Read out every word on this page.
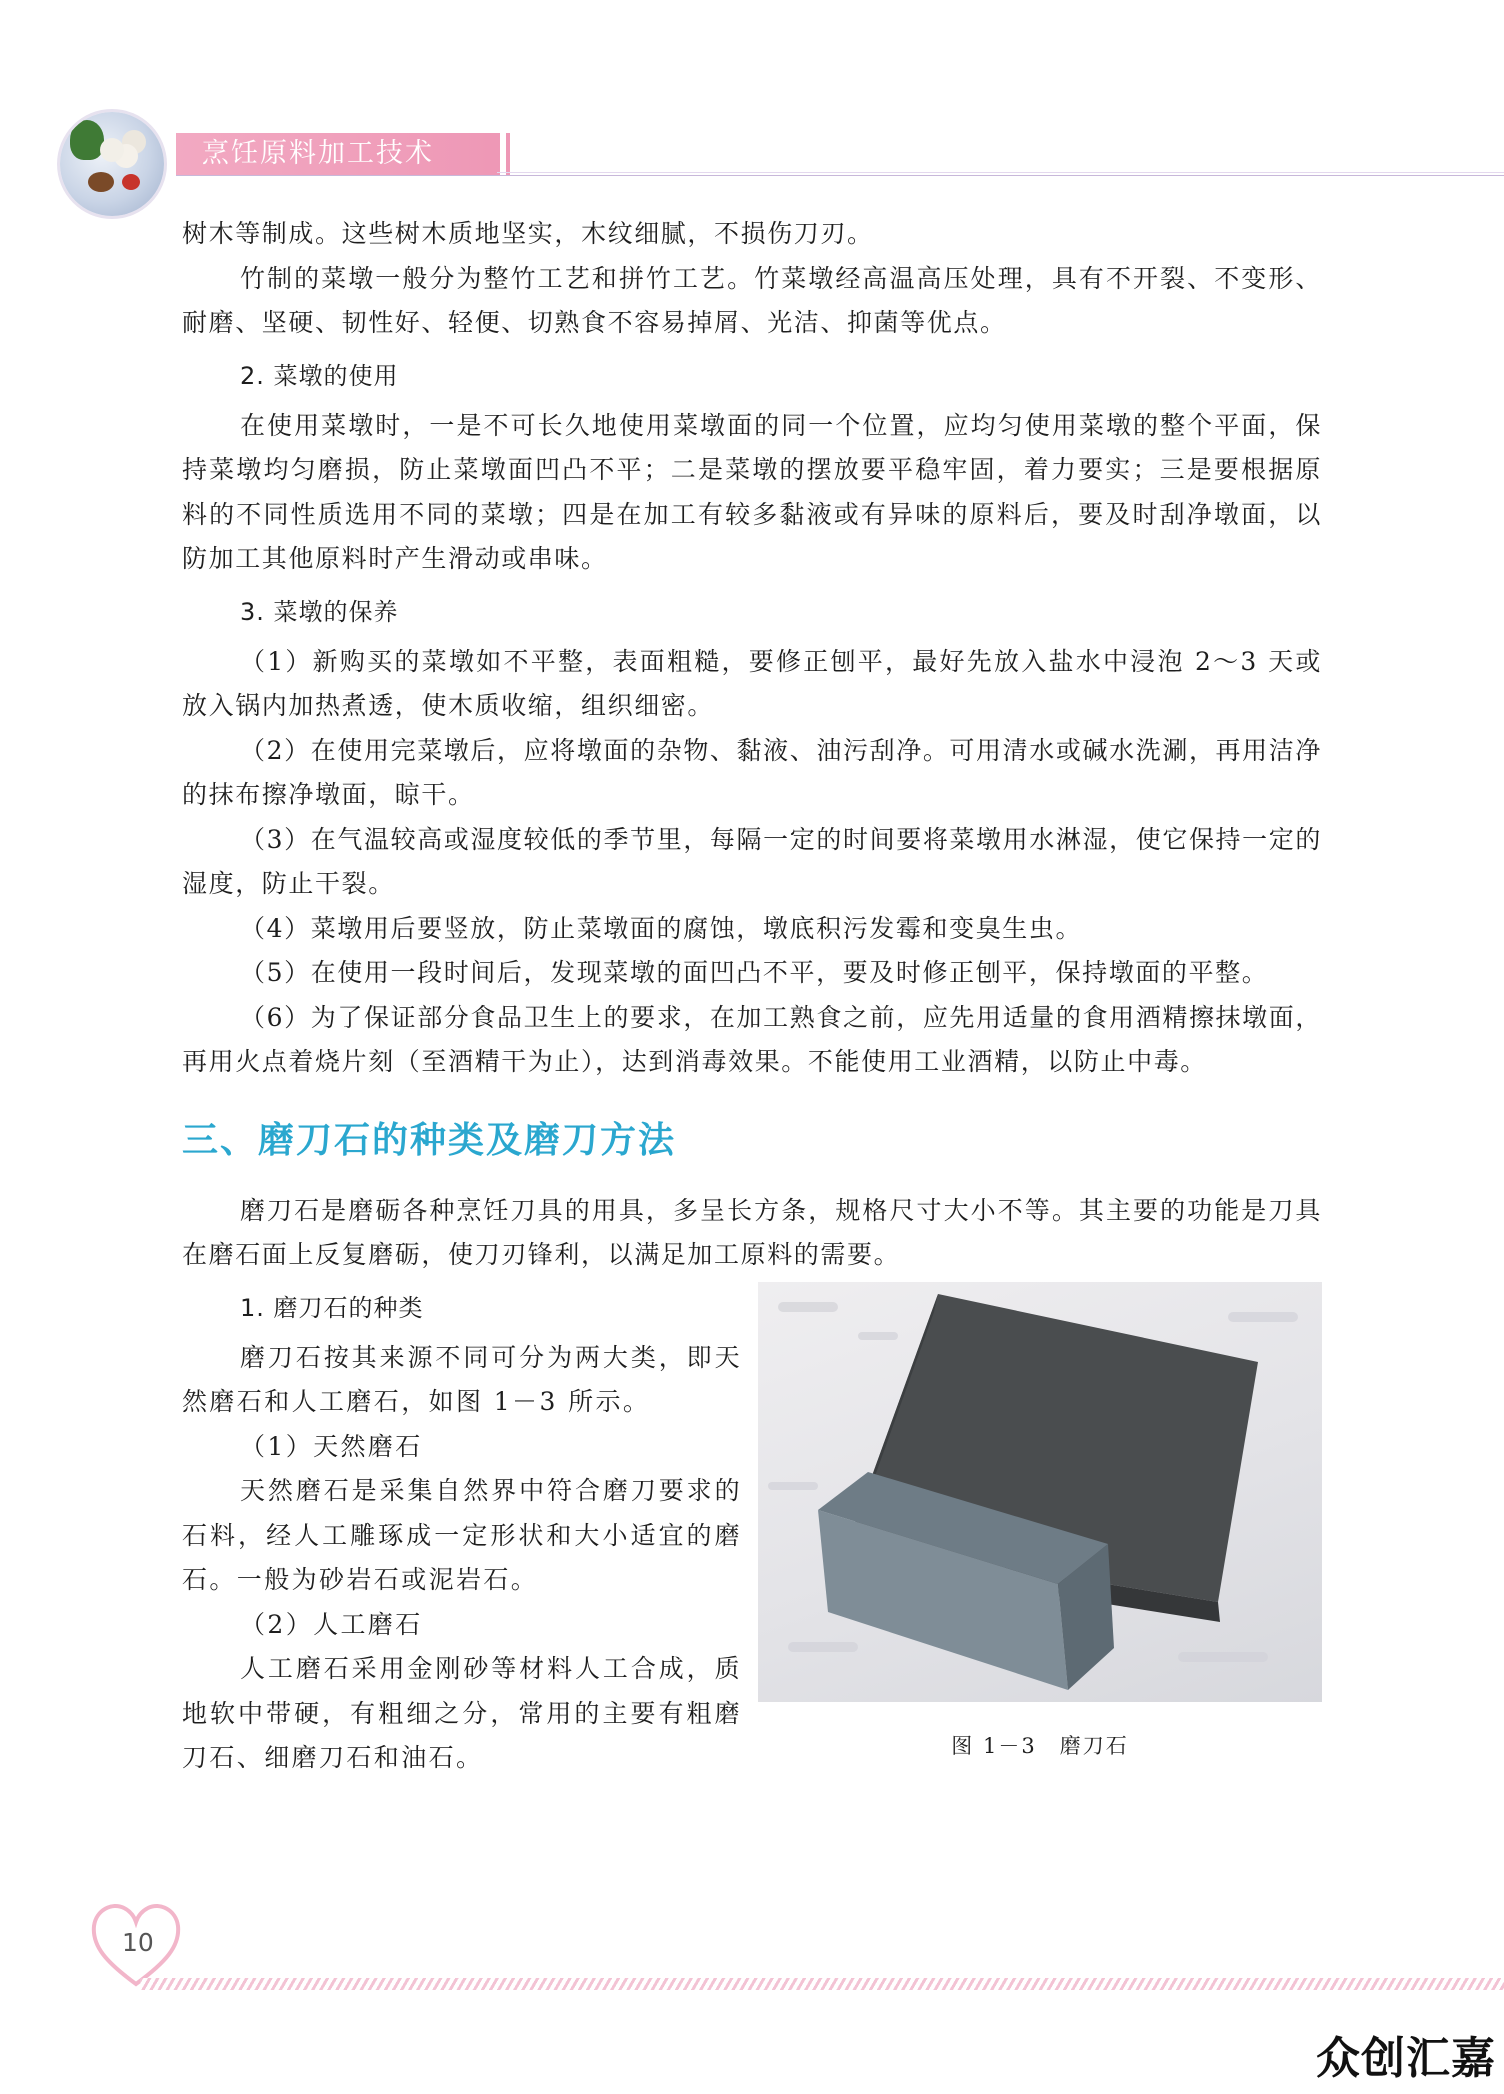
烹饪原料加工技术

树木等制成。这些树木质地坚实，木纹细腻，不损伤刀刃。

竹制的菜墩一般分为整竹工艺和拼竹工艺。竹菜墩经高温高压处理，具有不开裂、不变形、耐磨、坚硬、韧性好、轻便、切熟食不容易掉屑、光洁、抑菌等优点。

2. 菜墩的使用

在使用菜墩时，一是不可长久地使用菜墩面的同一个位置，应均匀使用菜墩的整个平面，保持菜墩均匀磨损，防止菜墩面凹凸不平；二是菜墩的摆放要平稳牢固，着力要实；三是要根据原料的不同性质选用不同的菜墩；四是在加工有较多黏液或有异味的原料后，要及时刮净墩面，以防加工其他原料时产生滑动或串味。

3. 菜墩的保养

（1）新购买的菜墩如不平整，表面粗糙，要修正刨平，最好先放入盐水中浸泡 2～3 天或放入锅内加热煮透，使木质收缩，组织细密。

（2）在使用完菜墩后，应将墩面的杂物、黏液、油污刮净。可用清水或碱水洗涮，再用洁净的抹布擦净墩面，晾干。

（3）在气温较高或湿度较低的季节里，每隔一定的时间要将菜墩用水淋湿，使它保持一定的湿度，防止干裂。

（4）菜墩用后要竖放，防止菜墩面的腐蚀，墩底积污发霉和变臭生虫。

（5）在使用一段时间后，发现菜墩的面凹凸不平，要及时修正刨平，保持墩面的平整。

（6）为了保证部分食品卫生上的要求，在加工熟食之前，应先用适量的食用酒精擦抹墩面，再用火点着烧片刻（至酒精干为止），达到消毒效果。不能使用工业酒精，以防止中毒。

三、磨刀石的种类及磨刀方法

磨刀石是磨砺各种烹饪刀具的用具，多呈长方条，规格尺寸大小不等。其主要的功能是刀具在磨石面上反复磨砺，使刀刃锋利，以满足加工原料的需要。

1. 磨刀石的种类

磨刀石按其来源不同可分为两大类，即天然磨石和人工磨石，如图 1－3 所示。

（1）天然磨石

天然磨石是采集自然界中符合磨刀要求的石料，经人工雕琢成一定形状和大小适宜的磨石。一般为砂岩石或泥岩石。

（2）人工磨石

人工磨石采用金刚砂等材料人工合成，质地软中带硬，有粗细之分，常用的主要有粗磨刀石、细磨刀石和油石。	图 1－3　磨刀石
10
众创汇嘉
